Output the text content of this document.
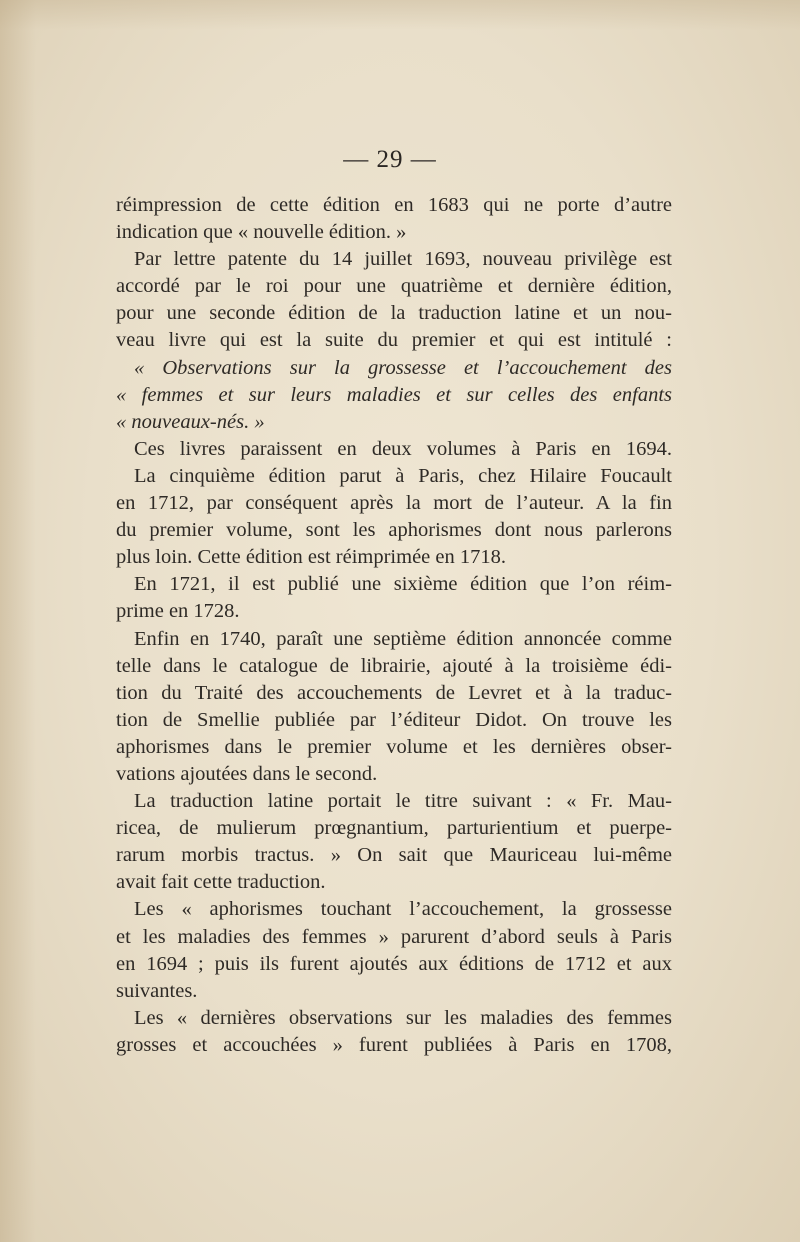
— 29 —
réimpression de cette édition en 1683 qui ne porte d’autre
indication que « nouvelle édition. »
Par lettre patente du 14 juillet 1693, nouveau privilège est
accordé par le roi pour une quatrième et dernière édition,
pour une seconde édition de la traduction latine et un nou-
veau livre qui est la suite du premier et qui est intitulé :
« Observations sur la grossesse et l’accouchement des
« femmes et sur leurs maladies et sur celles des enfants
« nouveaux-nés. »
Ces livres paraissent en deux volumes à Paris en 1694.
La cinquième édition parut à Paris, chez Hilaire Foucault
en 1712, par conséquent après la mort de l’auteur. A la fin
du premier volume, sont les aphorismes dont nous parlerons
plus loin. Cette édition est réimprimée en 1718.
En 1721, il est publié une sixième édition que l’on réim-
prime en 1728.
Enfin en 1740, paraît une septième édition annoncée comme
telle dans le catalogue de librairie, ajouté à la troisième édi-
tion du Traité des accouchements de Levret et à la traduc-
tion de Smellie publiée par l’éditeur Didot. On trouve les
aphorismes dans le premier volume et les dernières obser-
vations ajoutées dans le second.
La traduction latine portait le titre suivant : « Fr. Mau-
ricea, de mulierum prœgnantium, parturientium et puerpe-
rarum morbis tractus. » On sait que Mauriceau lui-même
avait fait cette traduction.
Les « aphorismes touchant l’accouchement, la grossesse
et les maladies des femmes » parurent d’abord seuls à Paris
en 1694 ; puis ils furent ajoutés aux éditions de 1712 et aux
suivantes.
Les « dernières observations sur les maladies des femmes
grosses et accouchées » furent publiées à Paris en 1708,
